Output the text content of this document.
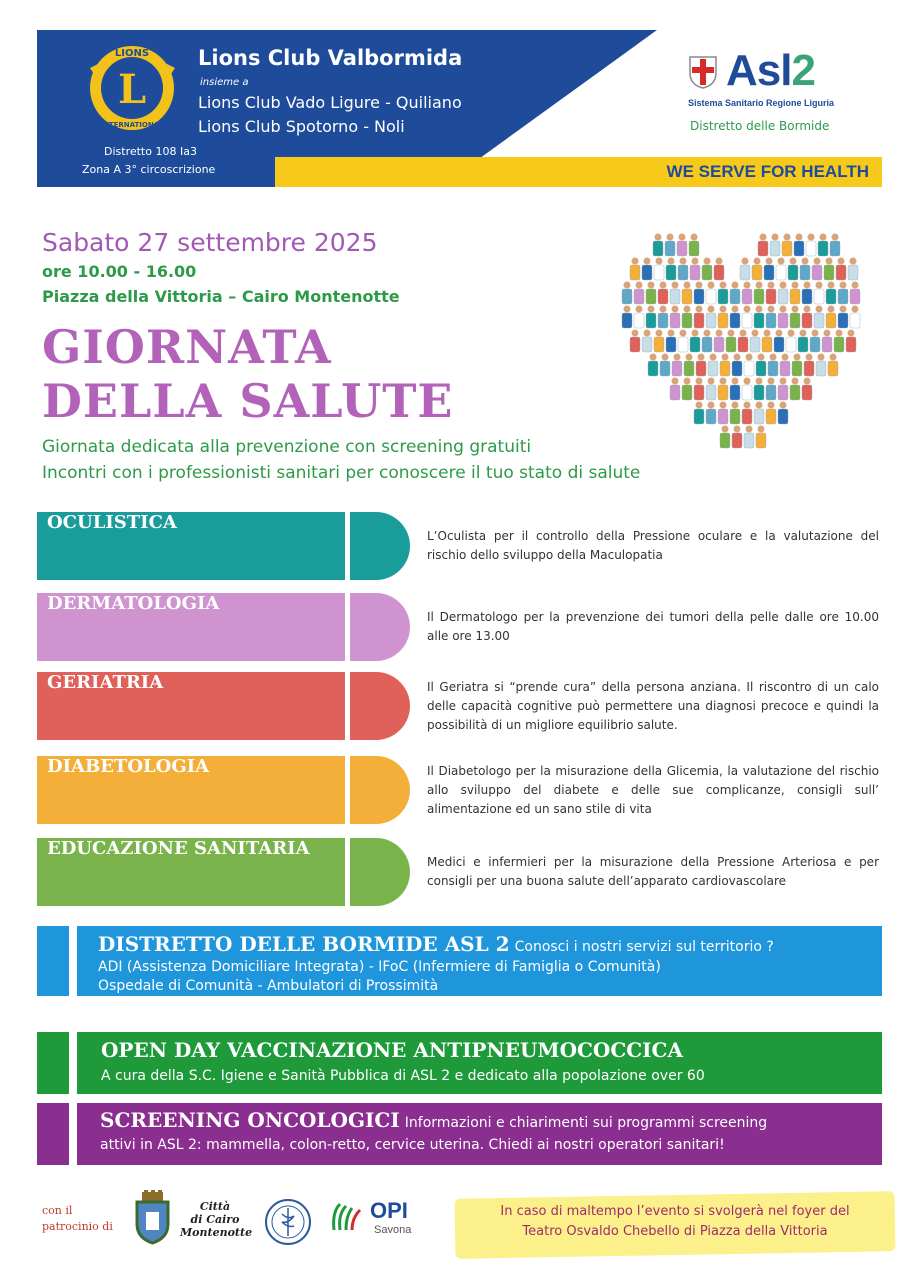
WE SERVE FOR HEALTH
L
LIONS
INTERNATIONAL
Lions Club Valbormida
insieme a
Lions Club Vado Ligure - Quiliano
Lions Club Spotorno - Noli
Distretto 108 Ia3
Zona A 3° circoscrizione
Asl2
Sistema Sanitario Regione Liguria
Distretto delle Bormide
Sabato 27 settembre 2025
ore 10.00 - 16.00
Piazza della Vittoria – Cairo Montenotte
GIORNATA
DELLA SALUTE
Giornata dedicata alla prevenzione con screening gratuiti
Incontri con i professionisti sanitari per conoscere il tuo stato di salute
OCULISTICA
L’Oculista per il controllo della Pressione oculare e la valutazione del rischio dello sviluppo della Maculopatia
DERMATOLOGIA
Il Dermatologo per la prevenzione dei tumori della pelle dalle ore 10.00 alle ore 13.00
GERIATRIA	Il Geriatra si “prende cura” della persona anziana. Il riscontro di un calo delle capacità cognitive può permettere una diagnosi precoce e quindi la possibilità di un migliore equilibrio salute.
DIABETOLOGIA	Il Diabetologo per la misurazione della Glicemia, la valutazione del rischio allo sviluppo del diabete e delle sue complicanze, consigli sull’ alimentazione ed un sano stile di vita
EDUCAZIONE SANITARIA
Medici e infermieri per la misurazione della Pressione Arteriosa e per consigli per una buona salute dell’apparato cardiovascolare
DISTRETTO DELLE BORMIDE ASL 2 Conosci i nostri servizi sul territorio ?
ADI (Assistenza Domiciliare Integrata) - IFoC (Infermiere di Famiglia o Comunità)
Ospedale di Comunità - Ambulatori di Prossimità
OPEN DAY VACCINAZIONE ANTIPNEUMOCOCCICA
A cura della S.C. Igiene e Sanità Pubblica di ASL 2 e dedicato alla popolazione over 60
SCREENING ONCOLOGICI Informazioni e chiarimenti sui programmi screening
attivi in ASL 2: mammella, colon-retto, cervice uterina. Chiedi ai nostri operatori sanitari!
con il
patrocinio di
Città
di Cairo
Montenotte
OPI
Savona
In caso di maltempo l’evento si svolgerà nel foyer del
Teatro Osvaldo Chebello di Piazza della Vittoria
